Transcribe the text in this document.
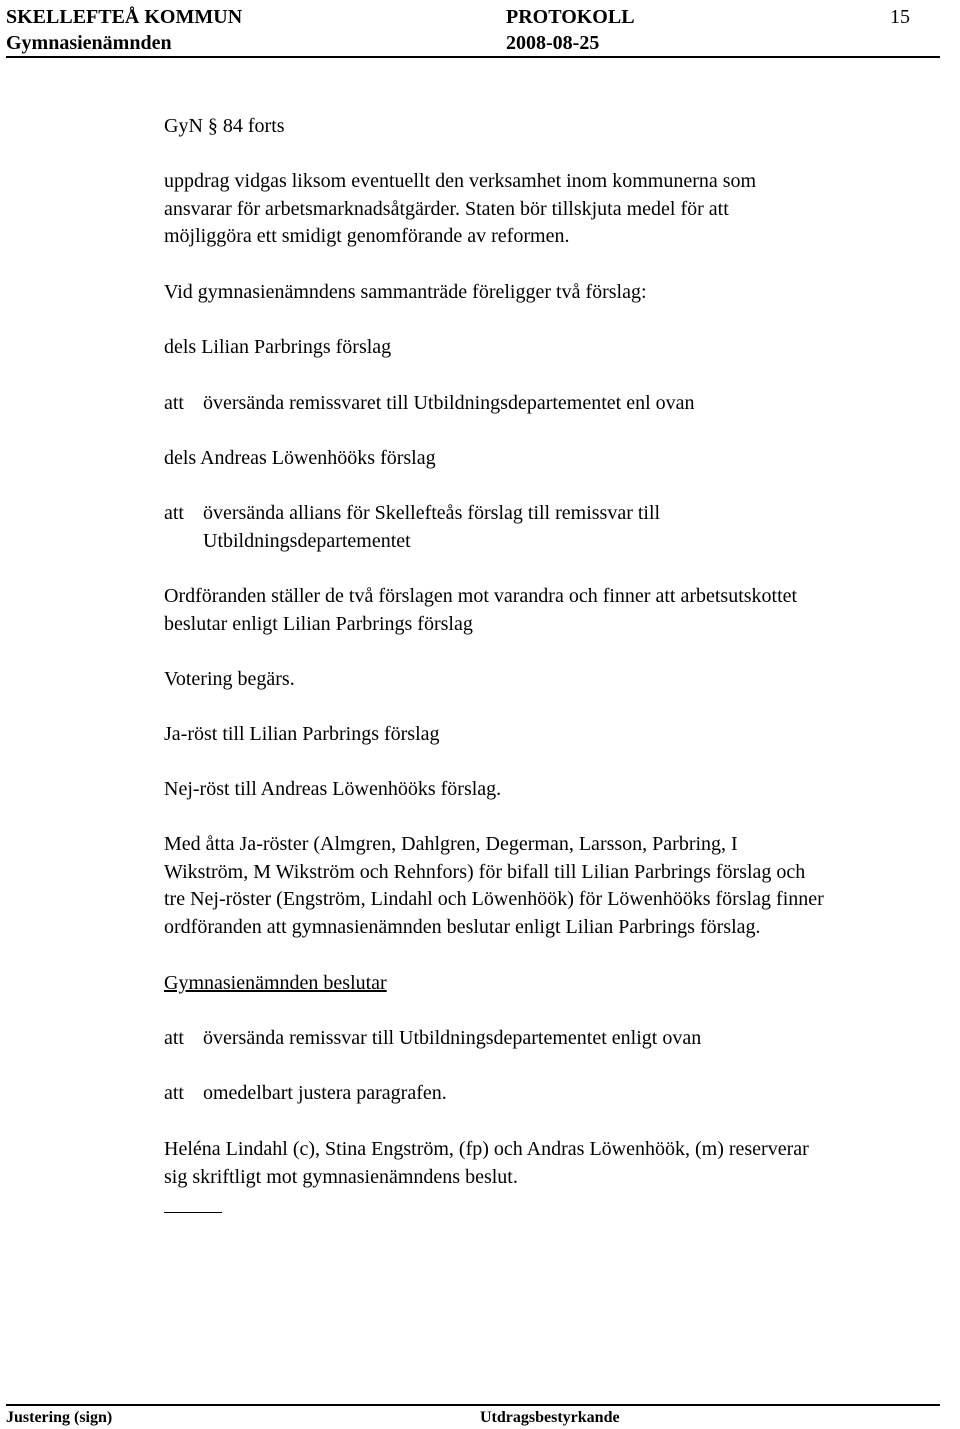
SKELLEFTEÅ KOMMUN	PROTOKOLL	15
Gymnasienämnden	2008-08-25
GyN § 84 forts
uppdrag vidgas liksom eventuellt den verksamhet inom kommunerna som
ansvarar för arbetsmarknadsåtgärder. Staten bör tillskjuta medel för att
möjliggöra ett smidigt genomförande av reformen.
Vid gymnasienämndens sammanträde föreligger två förslag:
dels Lilian Parbrings förslag
att översända remissvaret till Utbildningsdepartementet enl ovan
dels Andreas Löwenhööks förslag
att översända allians för Skellefteås förslag till remissvar till
Utbildningsdepartementet
Ordföranden ställer de två förslagen mot varandra och finner att arbetsutskottet
beslutar enligt Lilian Parbrings förslag
Votering begärs.
Ja-röst till Lilian Parbrings förslag
Nej-röst till Andreas Löwenhööks förslag.
Med åtta Ja-röster (Almgren, Dahlgren, Degerman, Larsson, Parbring, I
Wikström, M Wikström och Rehnfors) för bifall till Lilian Parbrings förslag och
tre Nej-röster (Engström, Lindahl och Löwenhöök) för Löwenhööks förslag finner
ordföranden att gymnasienämnden beslutar enligt Lilian Parbrings förslag.
Gymnasienämnden beslutar
att översända remissvar till Utbildningsdepartementet enligt ovan
att omedelbart justera paragrafen.
Heléna Lindahl (c), Stina Engström, (fp) och Andras Löwenhöök, (m) reserverar
sig skriftligt mot gymnasienämndens beslut.
Justering (sign)	Utdragsbestyrkande
